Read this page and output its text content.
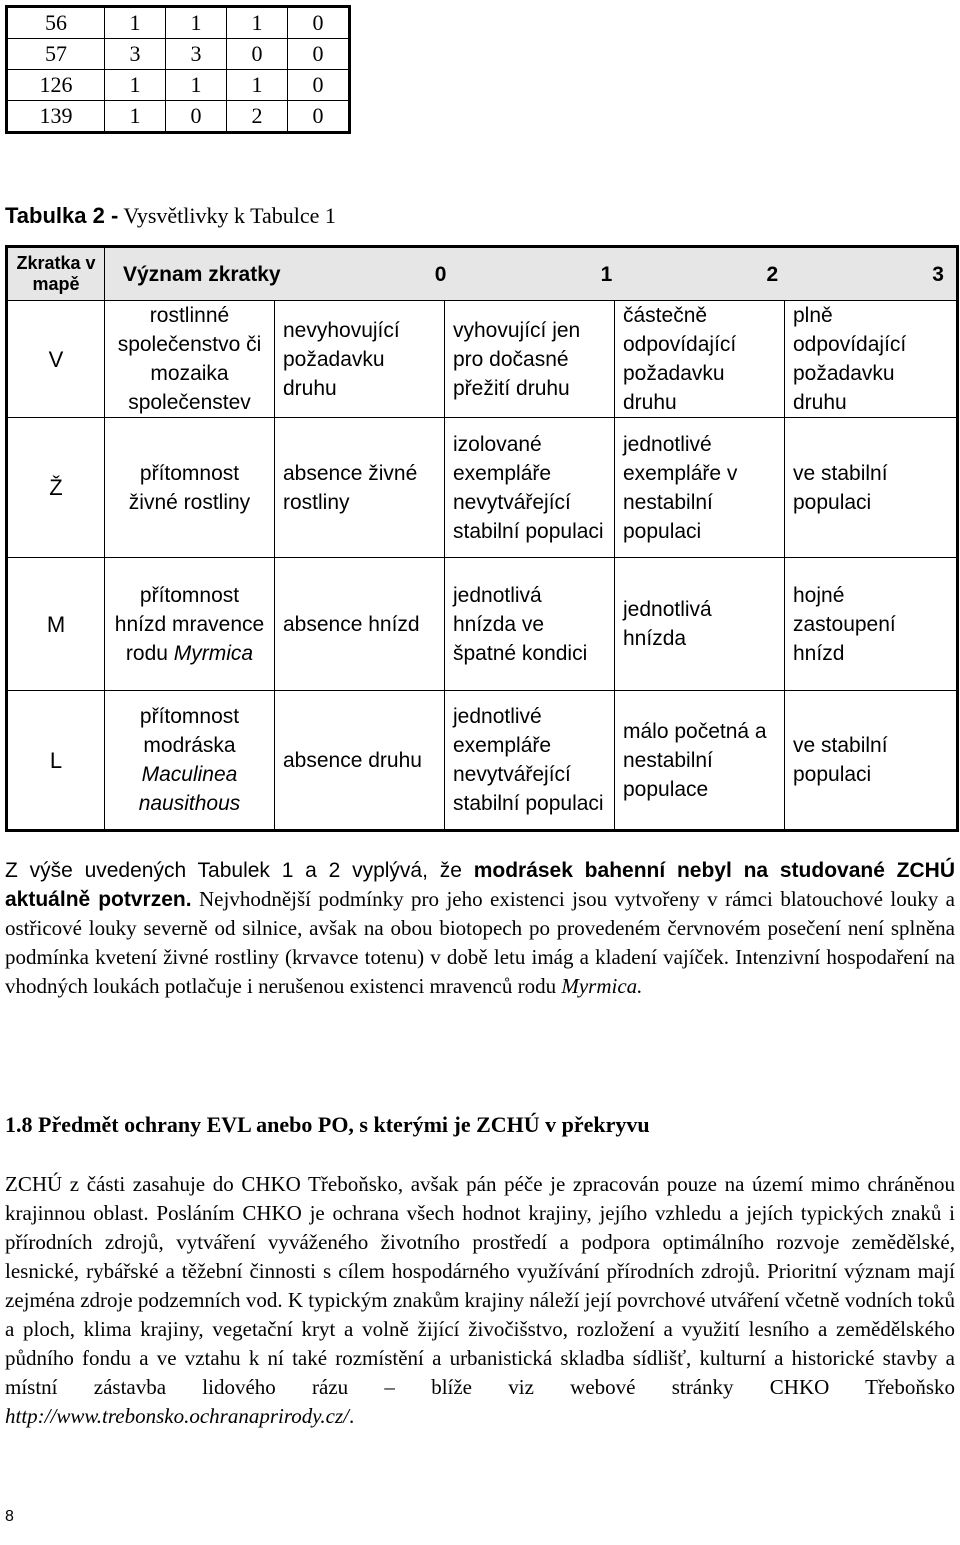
56	1	1	1	0
57	3	3	0	0
126	1	1	1	0
139	1	0	2	0
Tabulka 2 - Vysvětlivky k Tabulce 1
Zkratka v mapě	Význam zkratky 0 1 2 3				

V	rostlinné společenstvo či mozaika společenstev	nevyhovující požadavku druhu	vyhovující jen pro dočasné přežití druhu	částečně odpovídající požadavku druhu	plně odpovídající požadavku druhu
Ž	přítomnost živné rostliny	absence živné rostliny	izolované exempláře nevytvářející stabilní populaci	jednotlivé exempláře v nestabilní populaci	ve stabilní populaci
M	přítomnost hnízd mravence rodu Myrmica	absence hnízd	jednotlivá hnízda ve špatné kondici	jednotlivá hnízda	hojné zastoupení hnízd
L	přítomnost modráska Maculinea nausithous	absence druhu	jednotlivé exempláře nevytvářející stabilní populaci	málo početná a nestabilní populace	ve stabilní populaci
Z výše uvedených Tabulek 1 a 2 vyplývá, že modrásek bahenní nebyl na studované ZCHÚ aktuálně potvrzen. Nejvhodnější podmínky pro jeho existenci jsou vytvořeny v rámci blatouchové louky a ostřicové louky severně od silnice, avšak na obou biotopech po provedeném červnovém posečení není splněna podmínka kvetení živné rostliny (krvavce totenu) v době letu imág a kladení vajíček. Intenzivní hospodaření na vhodných loukách potlačuje i nerušenou existenci mravenců rodu Myrmica.
1.8 Předmět ochrany EVL anebo PO, s kterými je ZCHÚ v překryvu
ZCHÚ z části zasahuje do CHKO Třeboňsko, avšak pán péče je zpracován pouze na území mimo chráněnou krajinnou oblast. Posláním CHKO je ochrana všech hodnot krajiny, jejího vzhledu a jejích typických znaků i přírodních zdrojů, vytváření vyváženého životního prostředí a podpora optimálního rozvoje zemědělské, lesnické, rybářské a těžební činnosti s cílem hospodárného využívání přírodních zdrojů. Prioritní význam mají zejména zdroje podzemních vod. K typickým znakům krajiny náleží její povrchové utváření včetně vodních toků a ploch, klima krajiny, vegetační kryt a volně žijící živočišstvo, rozložení a využití lesního a zemědělského půdního fondu a ve vztahu k ní také rozmístění a urbanistická skladba sídlišť, kulturní a historické stavby a místní zástavba lidového rázu – blíže viz webové stránky CHKO Třeboňsko http://www.trebonsko.ochranaprirody.cz/.
8
